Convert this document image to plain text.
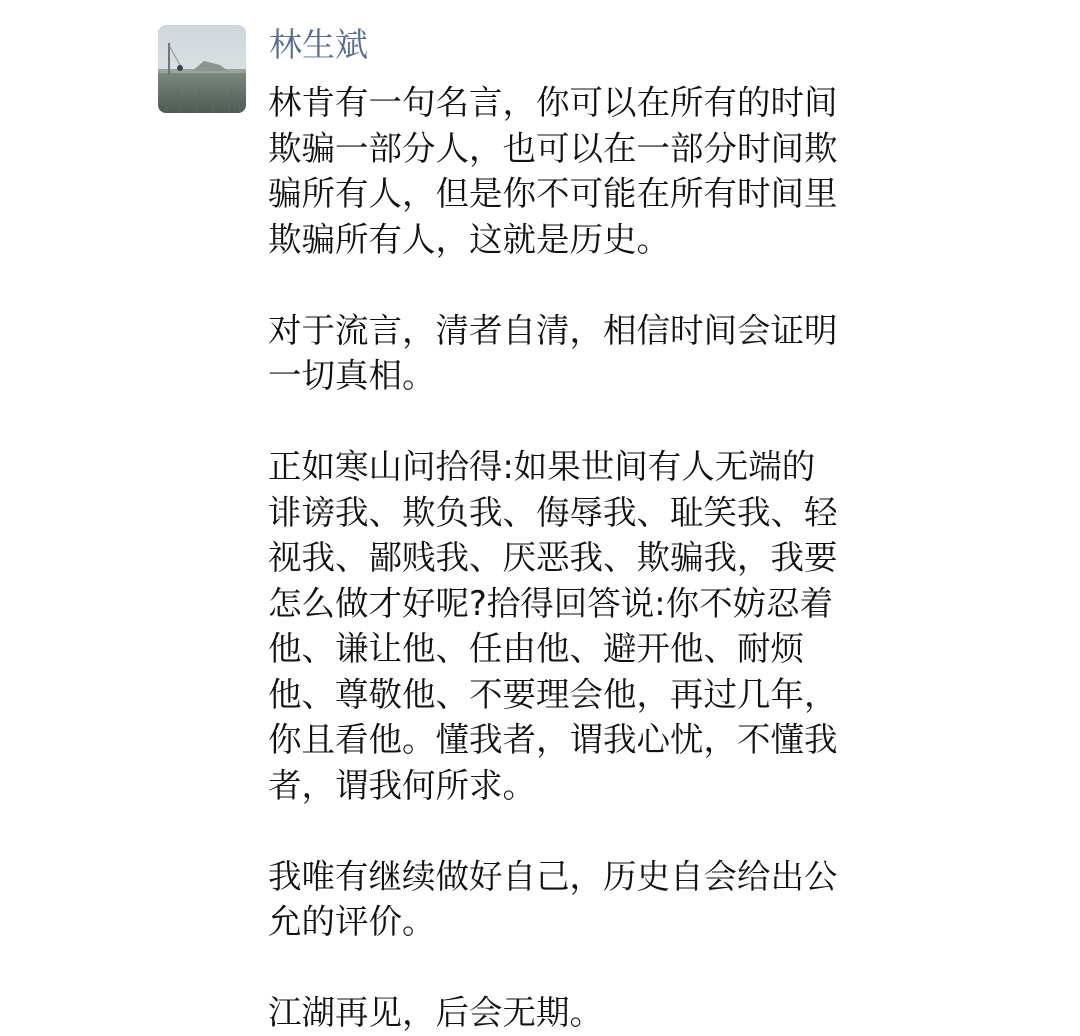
林生斌

林肯有一句名言，你可以在所有的时间
欺骗一部分人，也可以在一部分时间欺
骗所有人，但是你不可能在所有时间里
欺骗所有人，这就是历史。

对于流言，清者自清，相信时间会证明
一切真相。

正如寒山问拾得:如果世间有人无端的
诽谤我、欺负我、侮辱我、耻笑我、轻
视我、鄙贱我、厌恶我、欺骗我，我要
怎么做才好呢?拾得回答说:你不妨忍着
他、谦让他、任由他、避开他、耐烦
他、尊敬他、不要理会他，再过几年，
你且看他。懂我者，谓我心忧，不懂我
者，谓我何所求。

我唯有继续做好自己，历史自会给出公
允的评价。

江湖再见，后会无期。
